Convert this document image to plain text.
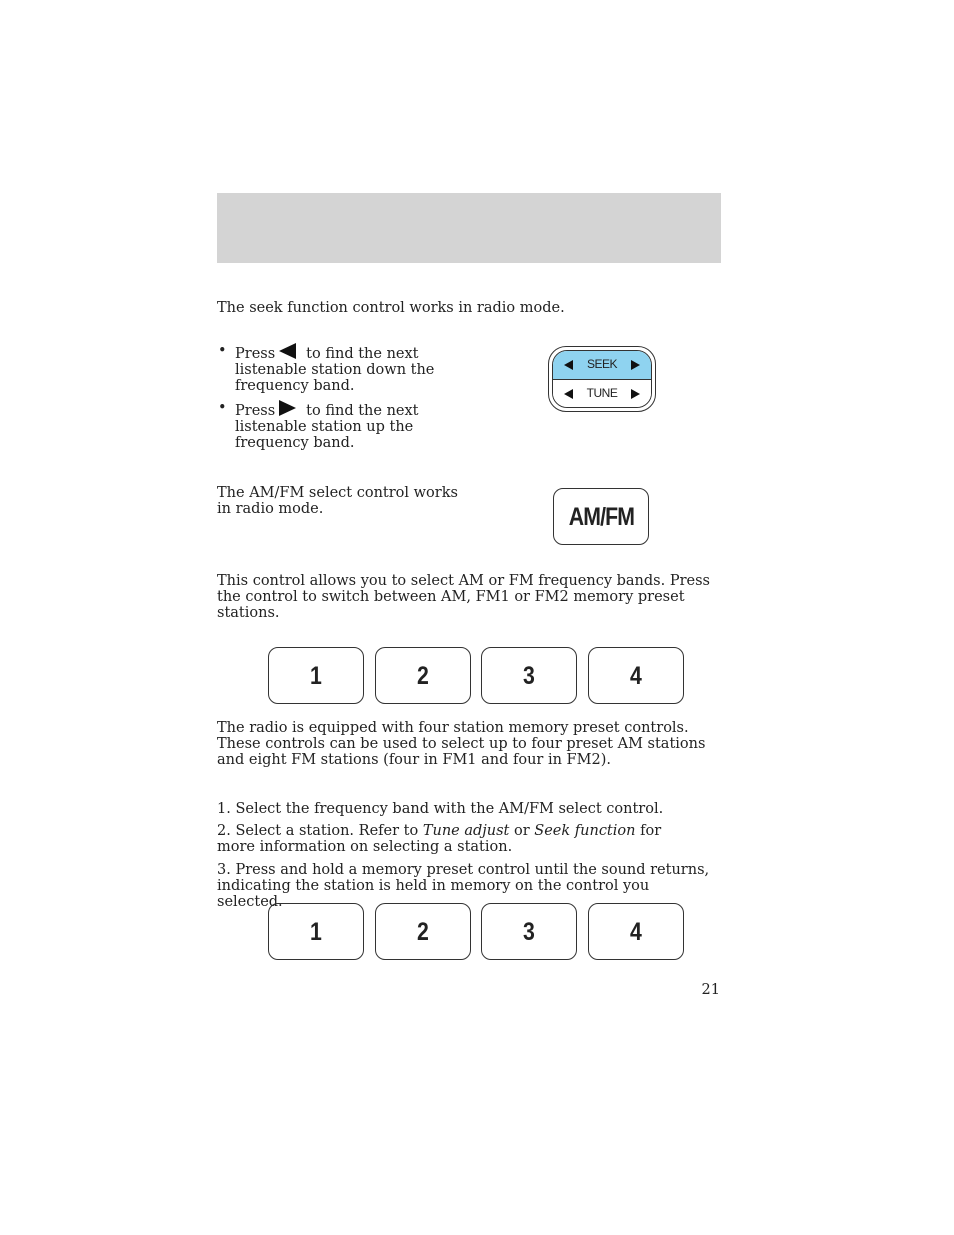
The seek function control works in radio mode.

• Press to find the next listenable station down the frequency band.
• Press to find the next listenable station up the frequency band.
SEEK
TUNE

The AM/FM select control works in radio mode.	AM/FM

This control allows you to select AM or FM frequency bands. Press the control to switch between AM, FM1 or FM2 memory preset stations.

1	2	3	4

The radio is equipped with four station memory preset controls. These controls can be used to select up to four preset AM stations and eight FM stations (four in FM1 and four in FM2).

1. Select the frequency band with the AM/FM select control.

2. Select a station. Refer to Tune adjust or Seek function for more information on selecting a station.

3. Press and hold a memory preset control until the sound returns, indicating the station is held in memory on the control you selected.

1	2	3	4
21
